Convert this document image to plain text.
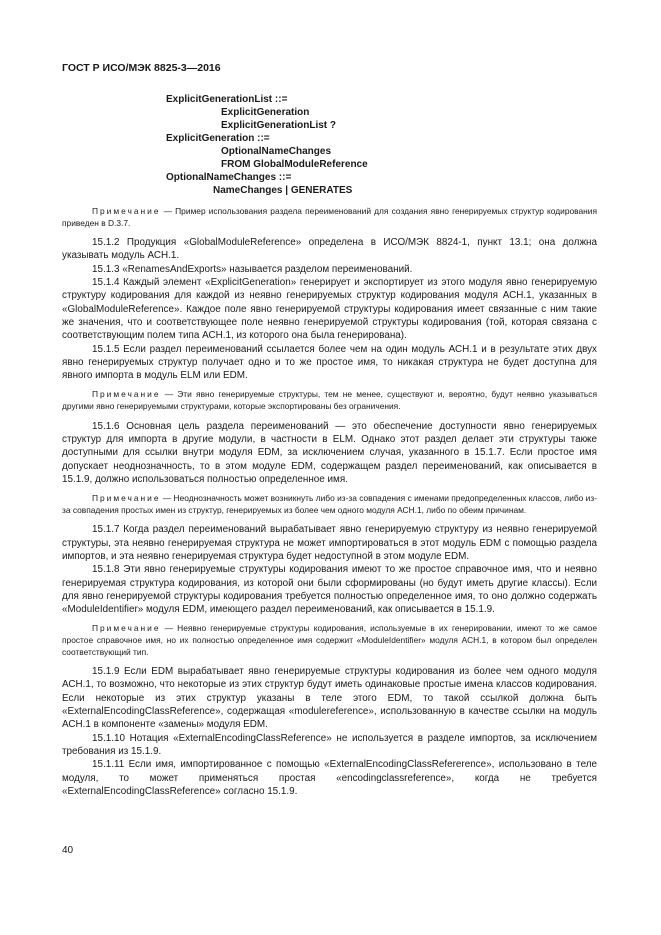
ГОСТ Р ИСО/МЭК 8825-3—2016
ExplicitGenerationList ::=
ExplicitGeneration
ExplicitGenerationList ?
ExplicitGeneration ::=
OptionalNameChanges
FROM GlobalModuleReference
OptionalNameChanges ::=
NameChanges | GENERATES

Примечание — Пример использования раздела переименований для создания явно генерируемых структур кодирования приведен в D.3.7.

15.1.2 Продукция «GlobalModuleReference» определена в ИСО/МЭК 8824-1, пункт 13.1; она должна указывать модуль АСН.1.

15.1.3 «RenamesAndExports» называется разделом переименований.

15.1.4 Каждый элемент «ExplicitGeneration» генерирует и экспортирует из этого модуля явно генерируемую структуру кодирования для каждой из неявно генерируемых структур кодирования модуля АСН.1, указанных в «GlobalModuleReference». Каждое поле явно генерируемой структуры кодирования имеет связанные с ним такие же значения, что и соответствующее поле неявно генерируемой структуры кодирования (той, которая связана с соответствующим полем типа АСН.1, из которого она была генерирована).

15.1.5 Если раздел переименований ссылается более чем на один модуль АСН.1 и в результате этих двух явно генерируемых структур получает одно и то же простое имя, то никакая структура не будет доступна для явного импорта в модуль ELM или EDM.

Примечание — Эти явно генерируемые структуры, тем не менее, существуют и, вероятно, будут неявно указываться другими явно генерируемыми структурами, которые экспортированы без ограничения.

15.1.6 Основная цель раздела переименований — это обеспечение доступности явно генерируемых структур для импорта в другие модули, в частности в ELM. Однако этот раздел делает эти структуры также доступными для ссылки внутри модуля EDM, за исключением случая, указанного в 15.1.7. Если простое имя допускает неоднозначность, то в этом модуле EDM, содержащем раздел переименований, как описывается в 15.1.9, должно использоваться полностью определенное имя.

Примечание — Неоднозначность может возникнуть либо из-за совпадения с именами предопределенных классов, либо из-за совпадения простых имен из структур, генерируемых из более чем одного модуля АСН.1, либо по обеим причинам.

15.1.7 Когда раздел переименований вырабатывает явно генерируемую структуру из неявно генерируемой структуры, эта неявно генерируемая структура не может импортироваться в этот модуль EDM с помощью раздела импортов, и эта неявно генерируемая структура будет недоступной в этом модуле EDM.

15.1.8 Эти явно генерируемые структуры кодирования имеют то же простое справочное имя, что и неявно генерируемая структура кодирования, из которой они были сформированы (но будут иметь другие классы). Если для явно генерируемой структуры кодирования требуется полностью определенное имя, то оно должно содержать «ModuleIdentifier» модуля EDM, имеющего раздел переименований, как описывается в 15.1.9.

Примечание — Неявно генерируемые структуры кодирования, используемые в их генерировании, имеют то же самое простое справочное имя, но их полностью определенное имя содержит «ModuleIdentifier» модуля АСН.1, в котором был определен соответствующий тип.

15.1.9 Если EDM вырабатывает явно генерируемые структуры кодирования из более чем одного модуля АСН.1, то возможно, что некоторые из этих структур будут иметь одинаковые простые имена классов кодирования. Если некоторые из этих структур указаны в теле этого EDM, то такой ссылкой должна быть «ExternalEncodingClassReference», содержащая «modulereference», использованную в качестве ссылки на модуль АСН.1 в компоненте «замены» модуля EDM.

15.1.10 Нотация «ExternalEncodingClassReference» не используется в разделе импортов, за исключением требования из 15.1.9.

15.1.11 Если имя, импортированное с помощью «ExternalEncodingClassRefererence», использовано в теле модуля, то может применяться простая «encodingclassreference», когда не требуется «ExternalEncodingClassReference» согласно 15.1.9.

40
